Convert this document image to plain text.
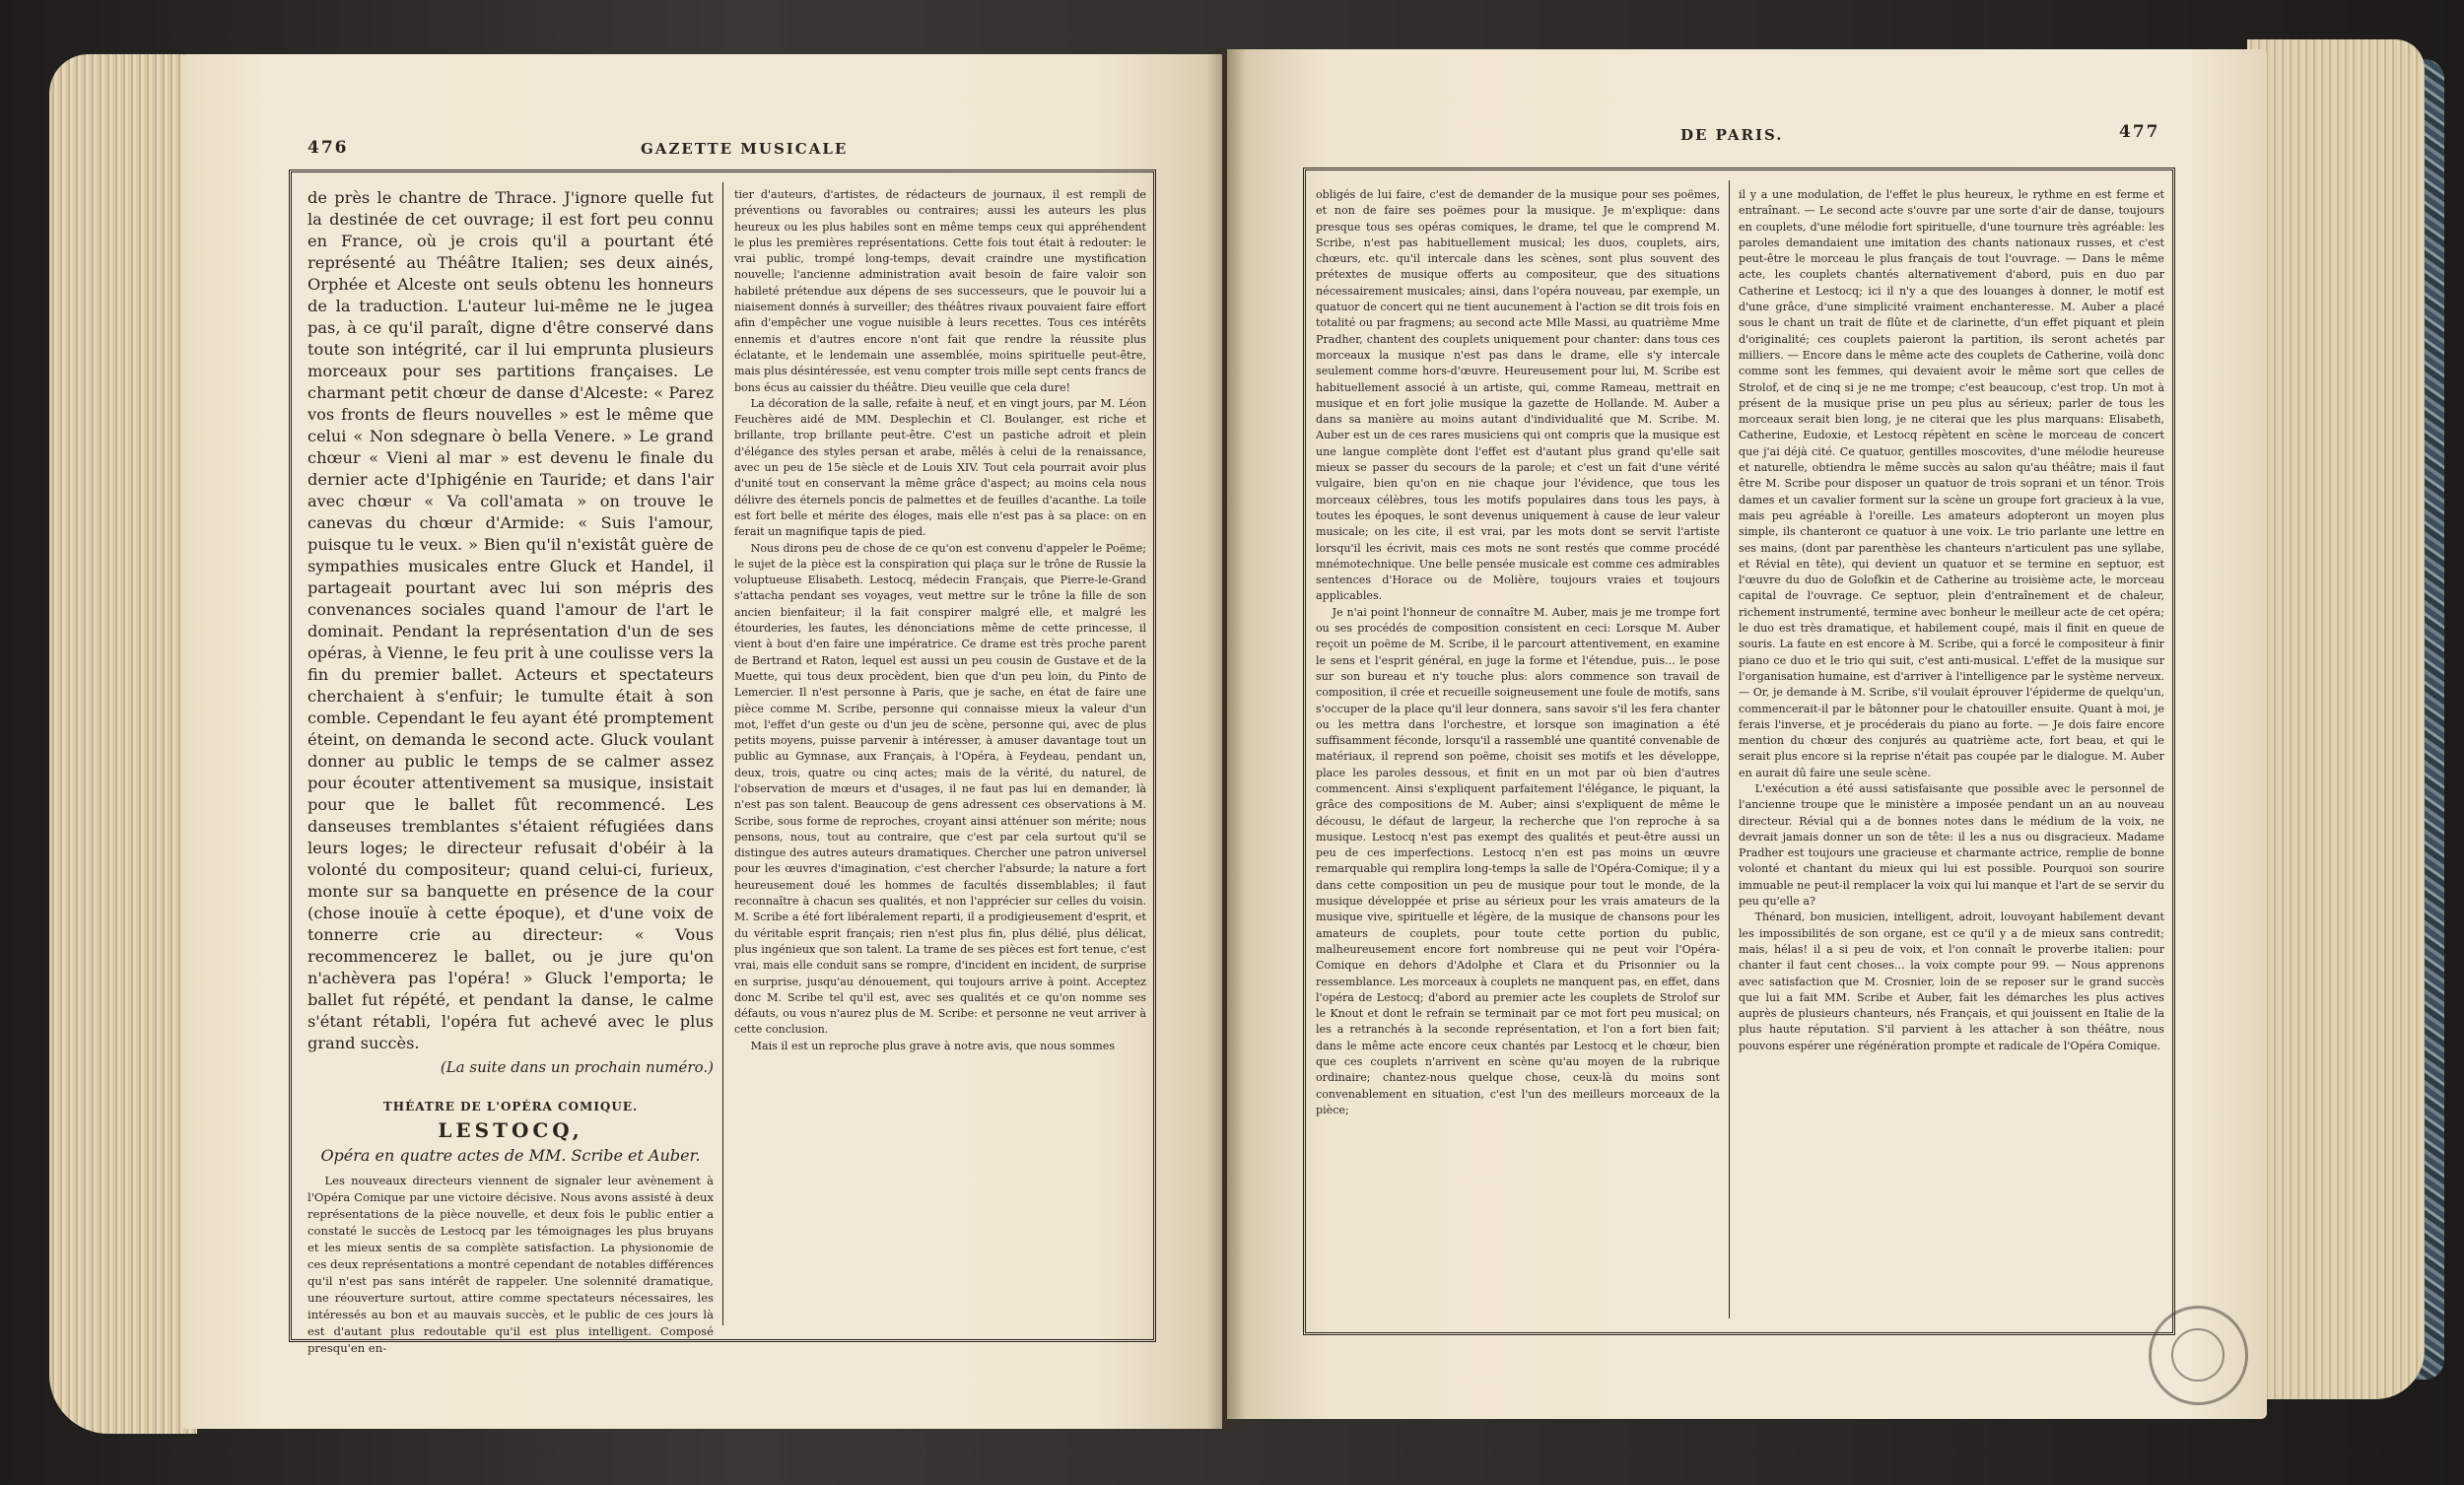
476	GAZETTE MUSICALE
DE PARIS.	477

de près le chantre de Thrace. J'ignore quelle fut la destinée de cet ouvrage; il est fort peu connu en France, où je crois qu'il a pourtant été représenté au Théâtre Italien; ses deux ainés, Orphée et Alceste ont seuls obtenu les honneurs de la traduction. L'auteur lui-même ne le jugea pas, à ce qu'il paraît, digne d'être conservé dans toute son intégrité, car il lui emprunta plusieurs morceaux pour ses partitions françaises. Le charmant petit chœur de danse d'Alceste: « Parez vos fronts de fleurs nouvelles » est le même que celui « Non sdegnare ò bella Venere. » Le grand chœur « Vieni al mar » est devenu le finale du dernier acte d'Iphigénie en Tauride; et dans l'air avec chœur « Va coll'amata » on trouve le canevas du chœur d'Armide: « Suis l'amour, puisque tu le veux. » Bien qu'il n'existât guère de sympathies musicales entre Gluck et Handel, il partageait pourtant avec lui son mépris des convenances sociales quand l'amour de l'art le dominait. Pendant la représentation d'un de ses opéras, à Vienne, le feu prit à une coulisse vers la fin du premier ballet. Acteurs et spectateurs cherchaient à s'enfuir; le tumulte était à son comble. Cependant le feu ayant été promptement éteint, on demanda le second acte. Gluck voulant donner au public le temps de se calmer assez pour écouter attentivement sa musique, insistait pour que le ballet fût recommencé. Les danseuses tremblantes s'étaient réfugiées dans leurs loges; le directeur refusait d'obéir à la volonté du compositeur; quand celui-ci, furieux, monte sur sa banquette en présence de la cour (chose inouïe à cette époque), et d'une voix de tonnerre crie au directeur: « Vous recommencerez le ballet, ou je jure qu'on n'achèvera pas l'opéra! » Gluck l'emporta; le ballet fut répété, et pendant la danse, le calme s'étant rétabli, l'opéra fut achevé avec le plus grand succès.

(La suite dans un prochain numéro.)
THÉATRE DE L'OPÉRA COMIQUE.
LESTOCQ,
Opéra en quatre actes de MM. Scribe et Auber.

Les nouveaux directeurs viennent de signaler leur avènement à l'Opéra Comique par une victoire décisive. Nous avons assisté à deux représentations de la pièce nouvelle, et deux fois le public entier a constaté le succès de Lestocq par les témoignages les plus bruyans et les mieux sentis de sa complète satisfaction. La physionomie de ces deux représentations a montré cependant de notables différences qu'il n'est pas sans intérêt de rappeler. Une solennité dramatique, une réouverture surtout, attire comme spectateurs nécessaires, les intéressés au bon et au mauvais succès, et le public de ces jours là est d'autant plus redoutable qu'il est plus intelligent. Composé presqu'en en-

tier d'auteurs, d'artistes, de rédacteurs de journaux, il est rempli de préventions ou favorables ou contraires; aussi les auteurs les plus heureux ou les plus habiles sont en même temps ceux qui appréhendent le plus les premières représentations. Cette fois tout était à redouter: le vrai public, trompé long-temps, devait craindre une mystification nouvelle; l'ancienne administration avait besoin de faire valoir son habileté prétendue aux dépens de ses successeurs, que le pouvoir lui a niaisement donnés à surveiller; des théâtres rivaux pouvaient faire effort afin d'empêcher une vogue nuisible à leurs recettes. Tous ces intérêts ennemis et d'autres encore n'ont fait que rendre la réussite plus éclatante, et le lendemain une assemblée, moins spirituelle peut-être, mais plus désintéressée, est venu compter trois mille sept cents francs de bons écus au caissier du théâtre. Dieu veuille que cela dure!

La décoration de la salle, refaite à neuf, et en vingt jours, par M. Léon Feuchères aidé de MM. Desplechin et Cl. Boulanger, est riche et brillante, trop brillante peut-être. C'est un pastiche adroit et plein d'élégance des styles persan et arabe, mêlés à celui de la renaissance, avec un peu de 15e siècle et de Louis XIV. Tout cela pourrait avoir plus d'unité tout en conservant la même grâce d'aspect; au moins cela nous délivre des éternels poncis de palmettes et de feuilles d'acanthe. La toile est fort belle et mérite des éloges, mais elle n'est pas à sa place: on en ferait un magnifique tapis de pied.

Nous dirons peu de chose de ce qu'on est convenu d'appeler le Poëme; le sujet de la pièce est la conspiration qui plaça sur le trône de Russie la voluptueuse Elisabeth. Lestocq, médecin Français, que Pierre-le-Grand s'attacha pendant ses voyages, veut mettre sur le trône la fille de son ancien bienfaiteur; il la fait conspirer malgré elle, et malgré les étourderies, les fautes, les dénonciations même de cette princesse, il vient à bout d'en faire une impératrice. Ce drame est très proche parent de Bertrand et Raton, lequel est aussi un peu cousin de Gustave et de la Muette, qui tous deux procèdent, bien que d'un peu loin, du Pinto de Lemercier. Il n'est personne à Paris, que je sache, en état de faire une pièce comme M. Scribe, personne qui connaisse mieux la valeur d'un mot, l'effet d'un geste ou d'un jeu de scène, personne qui, avec de plus petits moyens, puisse parvenir à intéresser, à amuser davantage tout un public au Gymnase, aux Français, à l'Opéra, à Feydeau, pendant un, deux, trois, quatre ou cinq actes; mais de la vérité, du naturel, de l'observation de mœurs et d'usages, il ne faut pas lui en demander, là n'est pas son talent. Beaucoup de gens adressent ces observations à M. Scribe, sous forme de reproches, croyant ainsi atténuer son mérite; nous pensons, nous, tout au contraire, que c'est par cela surtout qu'il se distingue des autres auteurs dramatiques. Chercher une patron universel pour les œuvres d'imagination, c'est chercher l'absurde; la nature a fort heureusement doué les hommes de facultés dissemblables; il faut reconnaître à chacun ses qualités, et non l'apprécier sur celles du voisin. M. Scribe a été fort libéralement reparti, il a prodigieusement d'esprit, et du véritable esprit français; rien n'est plus fin, plus délié, plus délicat, plus ingénieux que son talent. La trame de ses pièces est fort tenue, c'est vrai, mais elle conduit sans se rompre, d'incident en incident, de surprise en surprise, jusqu'au dénouement, qui toujours arrive à point. Acceptez donc M. Scribe tel qu'il est, avec ses qualités et ce qu'on nomme ses défauts, ou vous n'aurez plus de M. Scribe: et personne ne veut arriver à cette conclusion.

Mais il est un reproche plus grave à notre avis, que nous sommes

obligés de lui faire, c'est de demander de la musique pour ses poëmes, et non de faire ses poëmes pour la musique. Je m'explique: dans presque tous ses opéras comiques, le drame, tel que le comprend M. Scribe, n'est pas habituellement musical; les duos, couplets, airs, chœurs, etc. qu'il intercale dans les scènes, sont plus souvent des prétextes de musique offerts au compositeur, que des situations nécessairement musicales; ainsi, dans l'opéra nouveau, par exemple, un quatuor de concert qui ne tient aucunement à l'action se dit trois fois en totalité ou par fragmens; au second acte Mlle Massi, au quatrième Mme Pradher, chantent des couplets uniquement pour chanter: dans tous ces morceaux la musique n'est pas dans le drame, elle s'y intercale seulement comme hors-d'œuvre. Heureusement pour lui, M. Scribe est habituellement associé à un artiste, qui, comme Rameau, mettrait en musique et en fort jolie musique la gazette de Hollande. M. Auber a dans sa manière au moins autant d'individualité que M. Scribe. M. Auber est un de ces rares musiciens qui ont compris que la musique est une langue complète dont l'effet est d'autant plus grand qu'elle sait mieux se passer du secours de la parole; et c'est un fait d'une vérité vulgaire, bien qu'on en nie chaque jour l'évidence, que tous les morceaux célèbres, tous les motifs populaires dans tous les pays, à toutes les époques, le sont devenus uniquement à cause de leur valeur musicale; on les cite, il est vrai, par les mots dont se servit l'artiste lorsqu'il les écrivit, mais ces mots ne sont restés que comme procédé mnémotechnique. Une belle pensée musicale est comme ces admirables sentences d'Horace ou de Molière, toujours vraies et toujours applicables.

Je n'ai point l'honneur de connaître M. Auber, mais je me trompe fort ou ses procédés de composition consistent en ceci: Lorsque M. Auber reçoit un poëme de M. Scribe, il le parcourt attentivement, en examine le sens et l'esprit général, en juge la forme et l'étendue, puis... le pose sur son bureau et n'y touche plus: alors commence son travail de composition, il crée et recueille soigneusement une foule de motifs, sans s'occuper de la place qu'il leur donnera, sans savoir s'il les fera chanter ou les mettra dans l'orchestre, et lorsque son imagination a été suffisamment féconde, lorsqu'il a rassemblé une quantité convenable de matériaux, il reprend son poëme, choisit ses motifs et les développe, place les paroles dessous, et finit en un mot par où bien d'autres commencent. Ainsi s'expliquent parfaitement l'élégance, le piquant, la grâce des compositions de M. Auber; ainsi s'expliquent de même le décousu, le défaut de largeur, la recherche que l'on reproche à sa musique. Lestocq n'est pas exempt des qualités et peut-être aussi un peu de ces imperfections. Lestocq n'en est pas moins un œuvre remarquable qui remplira long-temps la salle de l'Opéra-Comique; il y a dans cette composition un peu de musique pour tout le monde, de la musique développée et prise au sérieux pour les vrais amateurs de la musique vive, spirituelle et légère, de la musique de chansons pour les amateurs de couplets, pour toute cette portion du public, malheureusement encore fort nombreuse qui ne peut voir l'Opéra-Comique en dehors d'Adolphe et Clara et du Prisonnier ou la ressemblance. Les morceaux à couplets ne manquent pas, en effet, dans l'opéra de Lestocq; d'abord au premier acte les couplets de Strolof sur le Knout et dont le refrain se terminait par ce mot fort peu musical; on les a retranchés à la seconde représentation, et l'on a fort bien fait; dans le même acte encore ceux chantés par Lestocq et le chœur, bien que ces couplets n'arrivent en scène qu'au moyen de la rubrique ordinaire; chantez-nous quelque chose, ceux-là du moins sont convenablement en situation, c'est l'un des meilleurs morceaux de la pièce;

il y a une modulation, de l'effet le plus heureux, le rythme en est ferme et entraînant. — Le second acte s'ouvre par une sorte d'air de danse, toujours en couplets, d'une mélodie fort spirituelle, d'une tournure très agréable: les paroles demandaient une imitation des chants nationaux russes, et c'est peut-être le morceau le plus français de tout l'ouvrage. — Dans le même acte, les couplets chantés alternativement d'abord, puis en duo par Catherine et Lestocq; ici il n'y a que des louanges à donner, le motif est d'une grâce, d'une simplicité vraiment enchanteresse. M. Auber a placé sous le chant un trait de flûte et de clarinette, d'un effet piquant et plein d'originalité; ces couplets paieront la partition, ils seront achetés par milliers. — Encore dans le même acte des couplets de Catherine, voilà donc comme sont les femmes, qui devaient avoir le même sort que celles de Strolof, et de cinq si je ne me trompe; c'est beaucoup, c'est trop. Un mot à présent de la musique prise un peu plus au sérieux; parler de tous les morceaux serait bien long, je ne citerai que les plus marquans: Elisabeth, Catherine, Eudoxie, et Lestocq répètent en scène le morceau de concert que j'ai déjà cité. Ce quatuor, gentilles moscovites, d'une mélodie heureuse et naturelle, obtiendra le même succès au salon qu'au théâtre; mais il faut être M. Scribe pour disposer un quatuor de trois soprani et un ténor. Trois dames et un cavalier forment sur la scène un groupe fort gracieux à la vue, mais peu agréable à l'oreille. Les amateurs adopteront un moyen plus simple, ils chanteront ce quatuor à une voix. Le trio parlante une lettre en ses mains, (dont par parenthèse les chanteurs n'articulent pas une syllabe, et Révial en tête), qui devient un quatuor et se termine en septuor, est l'œuvre du duo de Golofkin et de Catherine au troisième acte, le morceau capital de l'ouvrage. Ce septuor, plein d'entraînement et de chaleur, richement instrumenté, termine avec bonheur le meilleur acte de cet opéra; le duo est très dramatique, et habilement coupé, mais il finit en queue de souris. La faute en est encore à M. Scribe, qui a forcé le compositeur à finir piano ce duo et le trio qui suit, c'est anti-musical. L'effet de la musique sur l'organisation humaine, est d'arriver à l'intelligence par le système nerveux. — Or, je demande à M. Scribe, s'il voulait éprouver l'épiderme de quelqu'un, commencerait-il par le bâtonner pour le chatouiller ensuite. Quant à moi, je ferais l'inverse, et je procéderais du piano au forte. — Je dois faire encore mention du chœur des conjurés au quatrième acte, fort beau, et qui le serait plus encore si la reprise n'était pas coupée par le dialogue. M. Auber en aurait dû faire une seule scène.

L'exécution a été aussi satisfaisante que possible avec le personnel de l'ancienne troupe que le ministère a imposée pendant un an au nouveau directeur. Révial qui a de bonnes notes dans le médium de la voix, ne devrait jamais donner un son de tête: il les a nus ou disgracieux. Madame Pradher est toujours une gracieuse et charmante actrice, remplie de bonne volonté et chantant du mieux qui lui est possible. Pourquoi son sourire immuable ne peut-il remplacer la voix qui lui manque et l'art de se servir du peu qu'elle a?

Thénard, bon musicien, intelligent, adroit, louvoyant habilement devant les impossibilités de son organe, est ce qu'il y a de mieux sans contredit; mais, hélas! il a si peu de voix, et l'on connaît le proverbe italien: pour chanter il faut cent choses... la voix compte pour 99. — Nous apprenons avec satisfaction que M. Crosnier, loin de se reposer sur le grand succès que lui a fait MM. Scribe et Auber, fait les démarches les plus actives auprès de plusieurs chanteurs, nés Français, et qui jouissent en Italie de la plus haute réputation. S'il parvient à les attacher à son théâtre, nous pouvons espérer une régénération prompte et radicale de l'Opéra Comique.
